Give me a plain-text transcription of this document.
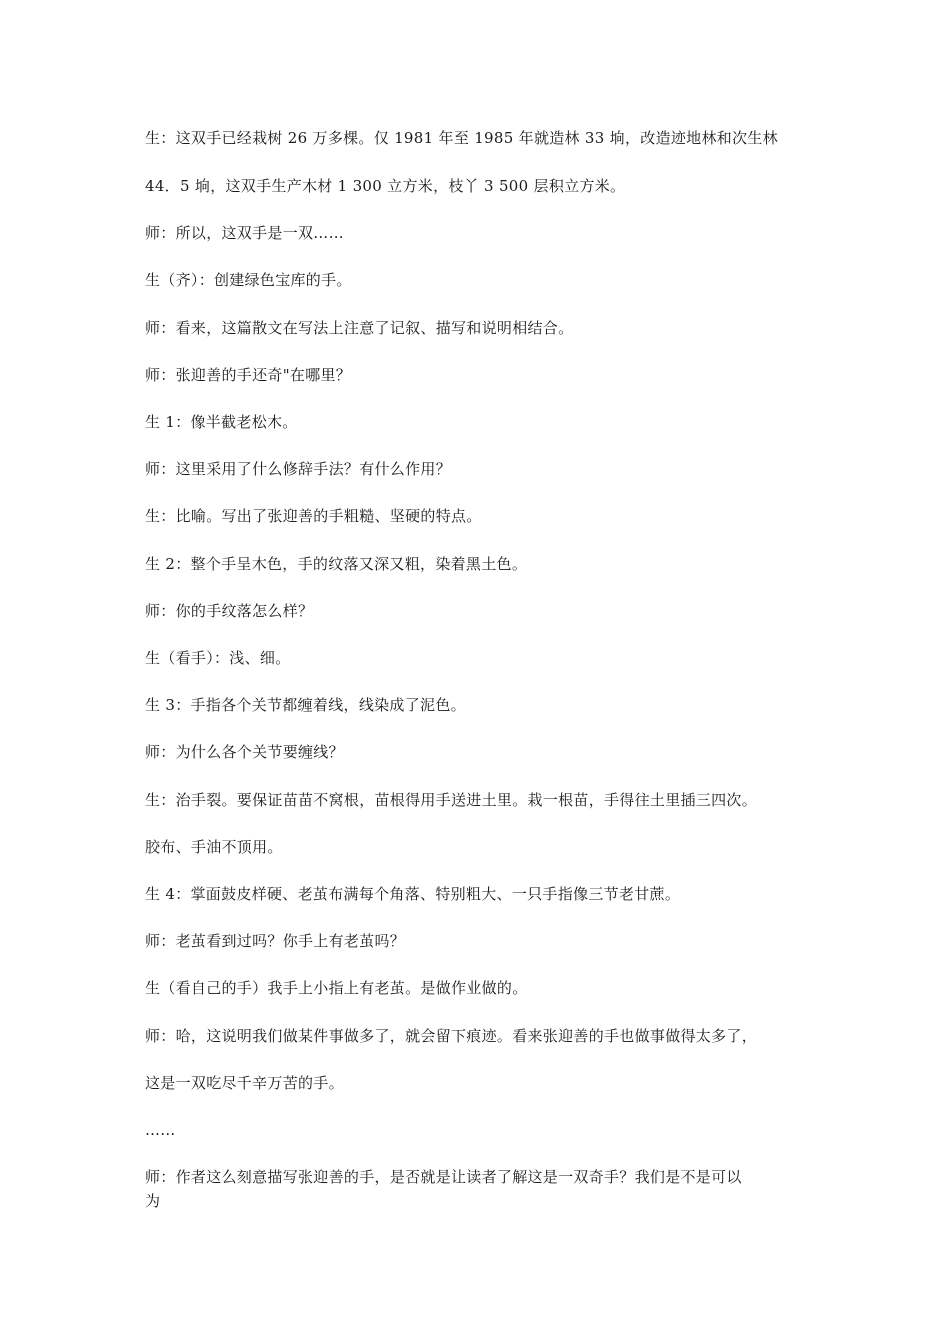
生：这双手已经栽树 26 万多棵。仅 1981 年至 1985 年就造林 33 垧，改造迹地林和次生林
44．5 垧，这双手生产木材 1 300 立方米，枝丫 3 500 层积立方米。
师：所以，这双手是一双……
生（齐）：创建绿色宝库的手。
师：看来，这篇散文在写法上注意了记叙、描写和说明相结合。
师：张迎善的手还奇"在哪里？
生 1：像半截老松木。
师：这里采用了什么修辞手法？有什么作用？
生：比喻。写出了张迎善的手粗糙、坚硬的特点。
生 2：整个手呈木色，手的纹落又深又粗，染着黑土色。
师：你的手纹落怎么样？
生（看手）：浅、细。
生 3：手指各个关节都缠着线，线染成了泥色。
师：为什么各个关节要缠线？
生：治手裂。要保证苗苗不窝根，苗根得用手送进土里。栽一根苗，手得往土里插三四次。
胶布、手油不顶用。
生 4：掌面鼓皮样硬、老茧布满每个角落、特别粗大、一只手指像三节老甘蔗。
师：老茧看到过吗？你手上有老茧吗？
生（看自己的手）我手上小指上有老茧。是做作业做的。
师：哈，这说明我们做某件事做多了，就会留下痕迹。看来张迎善的手也做事做得太多了，
这是一双吃尽千辛万苦的手。
……
师：作者这么刻意描写张迎善的手，是否就是让读者了解这是一双奇手？我们是不是可以
为
